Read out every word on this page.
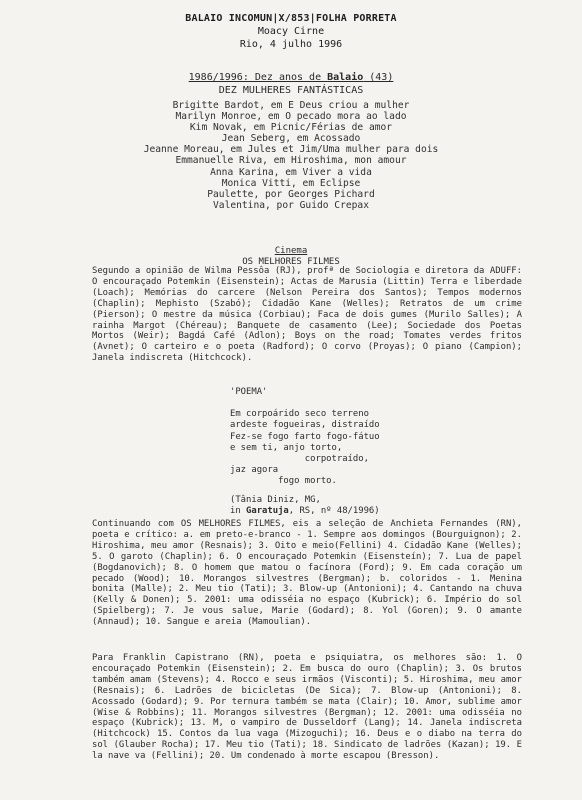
BALAIO INCOMUN|X/853|FOLHA PORRETA
Moacy Cirne
Rio, 4 julho 1996
1986/1996: Dez anos de Balaio (43)
DEZ MULHERES FANTÁSTICAS
Brigitte Bardot, em E Deus criou a mulher
Marilyn Monroe, em O pecado mora ao lado
Kim Novak, em Picnic/Férias de amor
Jean Seberg, em Acossado
Jeanne Moreau, em Jules et Jim/Uma mulher para dois
Emmanuelle Riva, em Hiroshima, mon amour
Anna Karina, em Viver a vida
Monica Vitti, em Eclipse
Paulette, por Georges Pichard
Valentina, por Guido Crepax
Cinema
OS MELHORES FILMES
Segundo a opinião de Wilma Pessôa (RJ), profª de Sociologia e diretora da ADUFF: O encouraçado Potemkin (Eisenstein); Actas de Marusia (Littin) Terra e liberdade (Loach); Memórias do carcere (Nelson Pereira dos Santos); Tempos modernos (Chaplin); Mephisto (Szabó); Cidadão Kane (Welles); Retratos de um crime (Pierson); O mestre da música (Corbiau); Faca de dois gumes (Murilo Salles); A rainha Margot (Chéreau); Banquete de casamento (Lee); Sociedade dos Poetas Mortos (Weir); Bagdá Café (Adlon); Boys on the road; Tomates verdes fritos (Avnet); O carteiro e o poeta (Radford); O corvo (Proyas); O piano (Campion); Janela indiscreta (Hitchcock).
'POEMA'
Em corpoárido seco terreno
ardeste fogueiras, distraído
Fez-se fogo farto fogo-fátuo
e sem ti, anjo torto,
corpotraído,
jaz agora
fogo morto.
(Tânia Diniz, MG,
in Garatuja, RS, nº 48/1996)
Continuando com OS MELHORES FILMES, eis a seleção de Anchieta Fernandes (RN), poeta e crítico: a. em preto-e-branco - 1. Sempre aos domingos (Bourguignon); 2. Hiroshima, meu amor (Resnais); 3. Oito e meio(Fellini) 4. Cidadão Kane (Welles); 5. O garoto (Chaplin); 6. O encouraçado Potemkin (Eisensteín); 7. Lua de papel (Bogdanovich); 8. O homem que matou o facínora (Ford); 9. Em cada coração um pecado (Wood); 10. Morangos silvestres (Bergman); b. coloridos - 1. Menina bonita (Malle); 2. Meu tio (Tati); 3. Blow-up (Antonioni); 4. Cantando na chuva (Kelly & Donen); 5. 2001: uma odisséia no espaço (Kubrick); 6. Império do sol (Spielberg); 7. Je vous salue, Marie (Godard); 8. Yol (Goren); 9. O amante (Annaud); 10. Sangue e areia (Mamoulian).
Para Franklin Capistrano (RN), poeta e psiquiatra, os melhores são: 1. O encouraçado Potemkin (Eisenstein); 2. Em busca do ouro (Chaplin); 3. Os brutos também amam (Stevens); 4. Rocco e seus irmãos (Visconti); 5. Hiroshima, meu amor (Resnais); 6. Ladrões de bicicletas (De Sica); 7. Blow-up (Antonioni); 8. Acossado (Godard); 9. Por ternura também se mata (Clair); 10. Amor, sublime amor (Wise & Robbins); 11. Morangos silvestres (Bergman); 12. 2001: uma odisséia no espaço (Kubrick); 13. M, o vampiro de Dusseldorf (Lang); 14. Janela indiscreta (Hitchcock) 15. Contos da lua vaga (Mizoguchi); 16. Deus e o diabo na terra do sol (Glauber Rocha); 17. Meu tio (Tati); 18. Sindicato de ladrões (Kazan); 19. E la nave va (Fellini); 20. Um condenado à morte escapou (Bresson).
